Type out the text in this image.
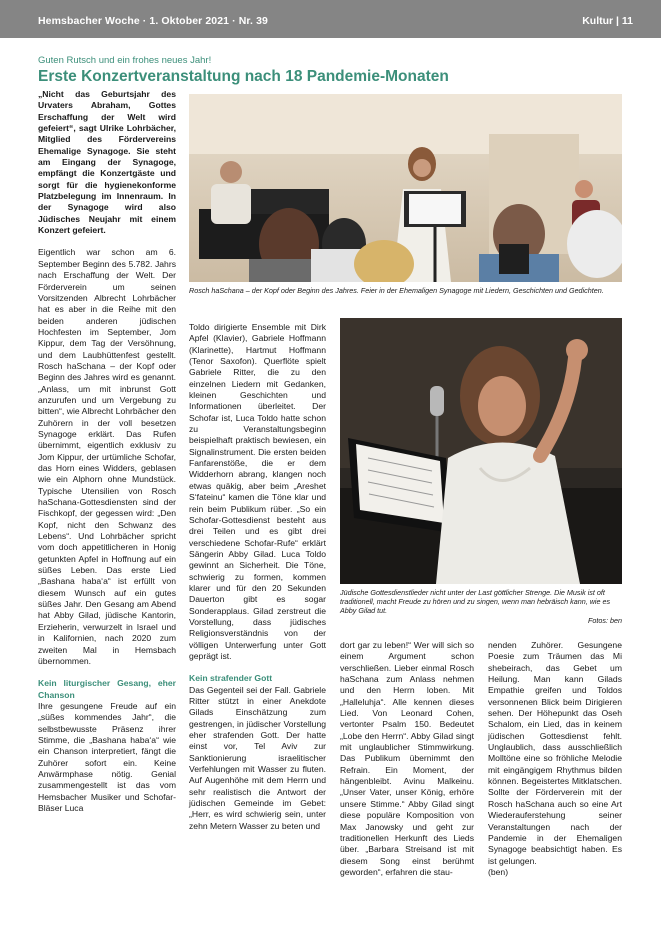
Hemsbacher Woche · 1. Oktober 2021 · Nr. 39	Kultur | 11
Guten Rutsch und ein frohes neues Jahr!
Erste Konzertveranstaltung nach 18 Pandemie-Monaten
Rosch haSchana – der Kopf oder Beginn des Jahres. Feier in der Ehemaligen Synagoge mit Liedern, Geschichten und Gedichten.
Jüdische Gottesdienstlieder nicht unter der Last göttlicher Strenge. Die Musik ist oft traditionell, macht Freude zu hören und zu singen, wenn man hebräisch kann, wie es Abby Gilad tut.
Fotos: ben

„Nicht das Geburtsjahr des Urvaters Abraham, Gottes Erschaffung der Welt wird gefeiert“, sagt Ulrike Lohrbächer, Mitglied des Fördervereins Ehemalige Synagoge. Sie steht am Eingang der Synagoge, empfängt die Konzertgäste und sorgt für die hygienekonforme Platzbelegung im Innenraum. In der Synagoge wird also Jüdisches Neujahr mit einem Konzert gefeiert.

Eigentlich war schon am 6. September Beginn des 5.782. Jahrs nach Erschaffung der Welt. Der Förderverein um seinen Vorsitzenden Albrecht Lohrbächer hat es aber in die Reihe mit den beiden anderen jüdischen Hochfesten im September, Jom Kippur, dem Tag der Versöhnung, und dem Laubhüttenfest gestellt. Rosch haSchana – der Kopf oder Beginn des Jahres wird es genannt. „Anlass, um mit inbrunst Gott anzurufen und um Vergebung zu bitten“, wie Albrecht Lohrbächer den Zuhörern in der voll besetzen Synagoge erklärt. Das Rufen übernimmt, eigentlich exklusiv zu Jom Kippur, der urtümliche Schofar, das Horn eines Widders, geblasen wie ein Alphorn ohne Mundstück. Typische Utensilien von Rosch haSchana-Gottesdiensten sind der Fischkopf, der gegessen wird: „Den Kopf, nicht den Schwanz des Lebens“. Und Lohrbächer spricht vom doch appetitlicheren in Honig getunkten Apfel in Hoffnung auf ein süßes Leben. Das erste Lied „Bashana haba‘a“ ist erfüllt von diesem Wunsch auf ein gutes süßes Jahr. Den Gesang am Abend hat Abby Gilad, jüdische Kantorin, Erzieherin, verwurzelt in Israel und in Kalifornien, nach 2020 zum zweiten Mal in Hemsbach übernommen.

Kein liturgischer Gesang, eher Chanson

Ihre gesungene Freude auf ein „süßes kommendes Jahr“, die selbstbewusste Präsenz ihrer Stimme, die „Bashana haba‘a“ wie ein Chanson interpretiert, fängt die Zuhörer sofort ein. Keine Anwärmphase nötig. Genial zusammengestellt ist das vom Hemsbacher Musiker und Schofar-Bläser Luca

Toldo dirigierte Ensemble mit Dirk Apfel (Klavier), Gabriele Hoffmann (Klarinette), Hartmut Hoffmann (Tenor Saxofon). Querflöte spielt Gabriele Ritter, die zu den einzelnen Liedern mit Gedanken, kleinen Geschichten und Informationen überleitet. Der Schofar ist, Luca Toldo hatte schon zu Veranstaltungsbeginn beispielhaft praktisch bewiesen, ein Signalinstrument. Die ersten beiden Fanfarenstöße, die er dem Widderhorn abrang, klangen noch etwas quäkig, aber beim „Areshet S‘fateinu“ kamen die Töne klar und rein beim Publikum rüber. „So ein Schofar-Gottesdienst besteht aus drei Teilen und es gibt drei verschiedene Schofar-Rufe“ erklärt Sängerin Abby Gilad. Luca Toldo gewinnt an Sicherheit. Die Töne, schwierig zu formen, kommen klarer und für den 20 Sekunden Dauerton gibt es sogar Sonderapplaus. Gilad zerstreut die Vorstellung, dass jüdisches Religionsverständnis von der völligen Unterwerfung unter Gott geprägt ist.

Kein strafender Gott

Das Gegenteil sei der Fall. Gabriele Ritter stützt in einer Anekdote Gilads Einschätzung zum gestrengen, in jüdischer Vorstellung eher strafenden Gott. Der hatte einst vor, Tel Aviv zur Sanktionierung israelitischer Verfehlungen mit Wasser zu fluten. Auf Augenhöhe mit dem Herrn und sehr realistisch die Antwort der jüdischen Gemeinde im Gebet: „Herr, es wird schwierig sein, unter zehn Metern Wasser zu beten und

dort gar zu leben!“ Wer will sich so einem Argument schon verschließen. Lieber einmal Rosch haSchana zum Anlass nehmen und den Herrn loben. Mit „Halleluhja“. Alle kennen dieses Lied. Von Leonard Cohen, vertonter Psalm 150. Bedeutet „Lobe den Herrn“. Abby Gilad singt mit unglaublicher Stimmwirkung. Das Publikum übernimmt den Refrain. Ein Moment, der hängenbleibt. Avinu Malkeinu. „Unser Vater, unser König, erhöre unsere Stimme.“ Abby Gilad singt diese populäre Komposition von Max Janowsky und geht zur traditionellen Herkunft des Lieds über. „Barbara Streisand ist mit diesem Song einst berühmt geworden“, erfahren die stau-

nenden Zuhörer. Gesungene Poesie zum Träumen das Mi shebeirach, das Gebet um Heilung. Man kann Gilads Empathie greifen und Toldos versonnenen Blick beim Dirigieren sehen. Der Höhepunkt das Oseh Schalom, ein Lied, das in keinem jüdischen Gottesdienst fehlt. Unglaublich, dass ausschließlich Molltöne eine so fröhliche Melodie mit eingängigem Rhythmus bilden können. Begeistertes Mitklatschen. Sollte der Förderverein mit der Rosch haSchana auch so eine Art Wiederauferstehung seiner Veranstaltungen nach der Pandemie in der Ehemaligen Synagoge beabsichtigt haben. Es ist gelungen.

(ben)
